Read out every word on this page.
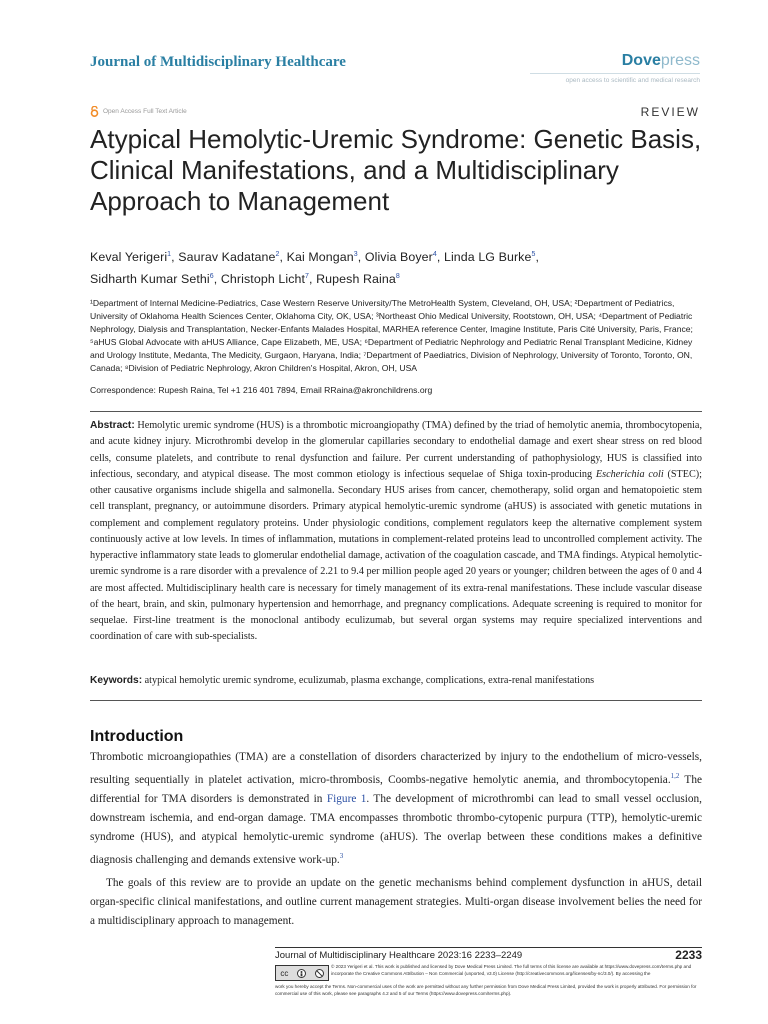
Journal of Multidisciplinary Healthcare	Dovepress
open access to scientific and medical research
Open Access Full Text Article	REVIEW
Atypical Hemolytic-Uremic Syndrome: Genetic Basis, Clinical Manifestations, and a Multidisciplinary Approach to Management
Keval Yerigeri$^1$, Saurav Kadatane$^2$, Kai Mongan$^3$, Olivia Boyer$^4$, Linda LG Burke$^5$,
Sidharth Kumar Sethi$^6$, Christoph Licht$^7$, Rupesh Raina$^8$
¹Department of Internal Medicine-Pediatrics, Case Western Reserve University/The MetroHealth System, Cleveland, OH, USA; ²Department of Pediatrics, University of Oklahoma Health Sciences Center, Oklahoma City, OK, USA; ³Northeast Ohio Medical University, Rootstown, OH, USA; ⁴Department of Pediatric Nephrology, Dialysis and Transplantation, Necker-Enfants Malades Hospital, MARHEA reference Center, Imagine Institute, Paris Cité University, Paris, France; ⁵aHUS Global Advocate with aHUS Alliance, Cape Elizabeth, ME, USA; ⁶Department of Pediatric Nephrology and Pediatric Renal Transplant Medicine, Kidney and Urology Institute, Medanta, The Medicity, Gurgaon, Haryana, India; ⁷Department of Paediatrics, Division of Nephrology, University of Toronto, Toronto, ON, Canada; ⁸Division of Pediatric Nephrology, Akron Children's Hospital, Akron, OH, USA
Correspondence: Rupesh Raina, Tel +1 216 401 7894, Email RRaina@akronchildrens.org
Abstract: Hemolytic uremic syndrome (HUS) is a thrombotic microangiopathy (TMA) defined by the triad of hemolytic anemia, thrombocytopenia, and acute kidney injury. Microthrombi develop in the glomerular capillaries secondary to endothelial damage and exert shear stress on red blood cells, consume platelets, and contribute to renal dysfunction and failure. Per current understanding of pathophysiology, HUS is classified into infectious, secondary, and atypical disease. The most common etiology is infectious sequelae of Shiga toxin-producing Escherichia coli (STEC); other causative organisms include shigella and salmonella. Secondary HUS arises from cancer, chemotherapy, solid organ and hematopoietic stem cell transplant, pregnancy, or autoimmune disorders. Primary atypical hemolytic-uremic syndrome (aHUS) is associated with genetic mutations in complement and complement regulatory proteins. Under physiologic conditions, complement regulators keep the alternative complement system continuously active at low levels. In times of inflammation, mutations in complement-related proteins lead to uncontrolled complement activity. The hyperactive inflammatory state leads to glomerular endothelial damage, activation of the coagulation cascade, and TMA findings. Atypical hemolytic-uremic syndrome is a rare disorder with a prevalence of 2.21 to 9.4 per million people aged 20 years or younger; children between the ages of 0 and 4 are most affected. Multidisciplinary health care is necessary for timely management of its extra-renal manifestations. These include vascular disease of the heart, brain, and skin, pulmonary hypertension and hemorrhage, and pregnancy complications. Adequate screening is required to monitor for sequelae. First-line treatment is the monoclonal antibody eculizumab, but several organ systems may require specialized interventions and coordination of care with sub-specialists.
Keywords: atypical hemolytic uremic syndrome, eculizumab, plasma exchange, complications, extra-renal manifestations
Introduction

Thrombotic microangiopathies (TMA) are a constellation of disorders characterized by injury to the endothelium of micro-vessels, resulting sequentially in platelet activation, micro-thrombosis, Coombs-negative hemolytic anemia, and thrombocytopenia.$^{1,2}$ The differential for TMA disorders is demonstrated in Figure 1. The development of microthrombi can lead to small vessel occlusion, downstream ischemia, and end-organ damage. TMA encompasses thrombotic thrombo-cytopenic purpura (TTP), hemolytic-uremic syndrome (HUS), and atypical hemolytic-uremic syndrome (aHUS). The overlap between these conditions makes a definitive diagnosis challenging and demands extensive work-up.$^3$

The goals of this review are to provide an update on the genetic mechanisms behind complement dysfunction in aHUS, detail organ-specific clinical manifestations, and outline current management strategies. Multi-organ disease involvement belies the need for a multidisciplinary approach to management.

Journal of Multidisciplinary Healthcare 2023:16 2233–2249	2233
cc
© 2023 Yerigeri et al. This work is published and licensed by Dove Medical Press Limited. The full terms of this license are available at https://www.dovepress.com/terms.php and incorporate the Creative Commons Attribution – Non Commercial (unported, v3.0) License (http://creativecommons.org/licenses/by-nc/3.0/). By accessing the
work you hereby accept the Terms. Non-commercial uses of the work are permitted without any further permission from Dove Medical Press Limited, provided the work is properly attributed. For permission for commercial use of this work, please see paragraphs 4.2 and 5 of our Terms (https://www.dovepress.com/terms.php).
